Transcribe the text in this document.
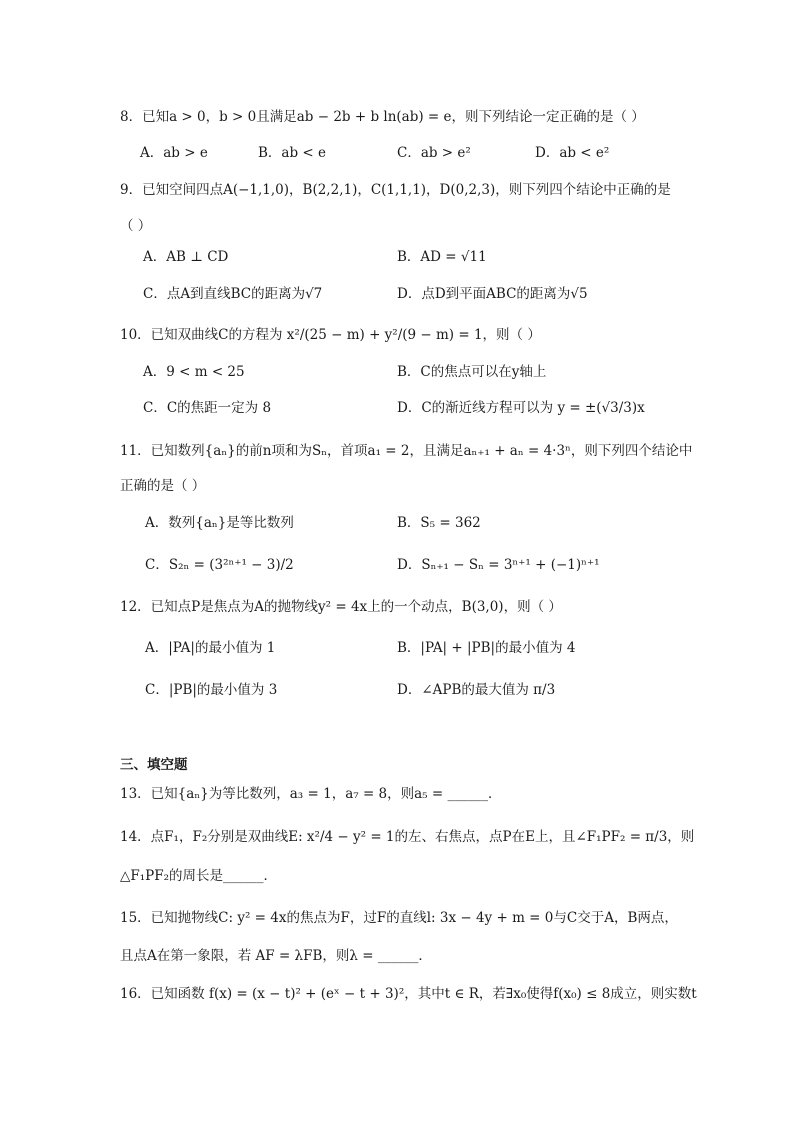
8．已知a > 0，b > 0且满足ab − 2b + b ln(ab) = e，则下列结论一定正确的是（ ）
A．ab > e	B．ab < e	C．ab > e²	D．ab < e²
9．已知空间四点A(−1,1,0)，B(2,2,1)，C(1,1,1)，D(0,2,3)，则下列四个结论中正确的是
（ ）
A．AB ⊥ CD	B．AD = √11
C．点A到直线BC的距离为√7	D．点D到平面ABC的距离为√5
10．已知双曲线C的方程为 x²/(25 − m) + y²/(9 − m) = 1，则（ ）
A．9 < m < 25	B．C的焦点可以在y轴上
C．C的焦距一定为 8	D．C的渐近线方程可以为 y = ±(√3/3)x
11．已知数列{aₙ}的前n项和为Sₙ，首项a₁ = 2，且满足aₙ₊₁ + aₙ = 4·3ⁿ，则下列四个结论中
正确的是（ ）
A．数列{aₙ}是等比数列	B．S₅ = 362
C．S₂ₙ = (3²ⁿ⁺¹ − 3)/2	D．Sₙ₊₁ − Sₙ = 3ⁿ⁺¹ + (−1)ⁿ⁺¹
12．已知点P是焦点为A的抛物线y² = 4x上的一个动点，B(3,0)，则（ ）
A．|PA|的最小值为 1	B．|PA| + |PB|的最小值为 4
C．|PB|的最小值为 3	D．∠APB的最大值为 π/3
三、填空题
13．已知{aₙ}为等比数列，a₃ = 1，a₇ = 8，则a₅ = ______．
14．点F₁，F₂分别是双曲线E: x²/4 − y² = 1的左、右焦点，点P在E上，且∠F₁PF₂ = π/3，则
△F₁PF₂的周长是______．
15．已知抛物线C: y² = 4x的焦点为F，过F的直线l: 3x − 4y + m = 0与C交于A，B两点，
且点A在第一象限，若 AF = λFB，则λ = ______．
16．已知函数 f(x) = (x − t)² + (eˣ − t + 3)²，其中t ∈ R，若∃x₀使得f(x₀) ≤ 8成立，则实数t
